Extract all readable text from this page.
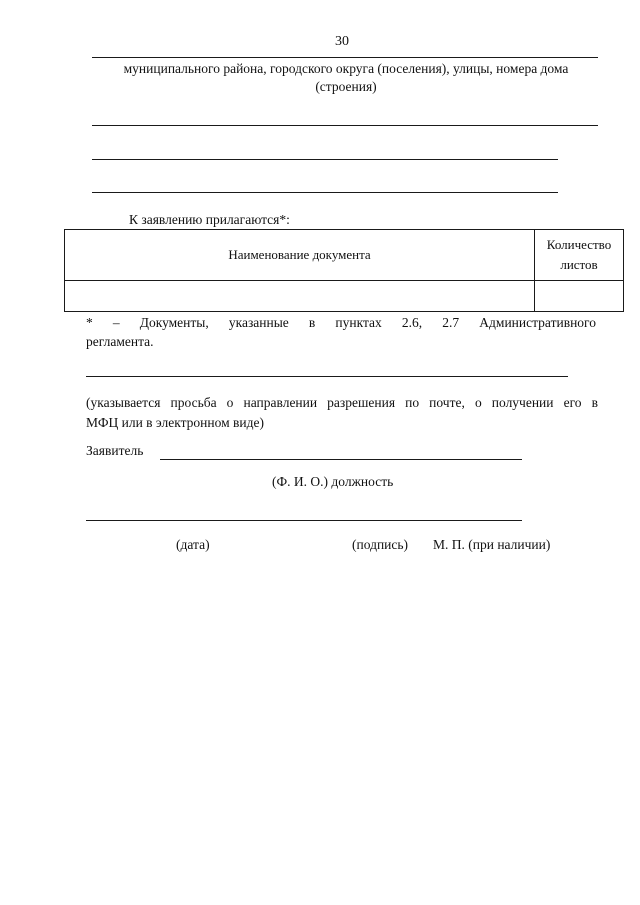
30
муниципального района, городского округа (поселения), улицы, номера дома
(строения)
К заявлению прилагаются*:
Наименование документа	Количество
листов

* – Документы, указанные в пунктах 2.6, 2.7 Административного
регламента.
(указывается просьба о направлении разрешения по почте, о получении его в
МФЦ или в электронном виде)
Заявитель
(Ф. И. О.) должность
(дата)	(подпись) М. П. (при наличии)
